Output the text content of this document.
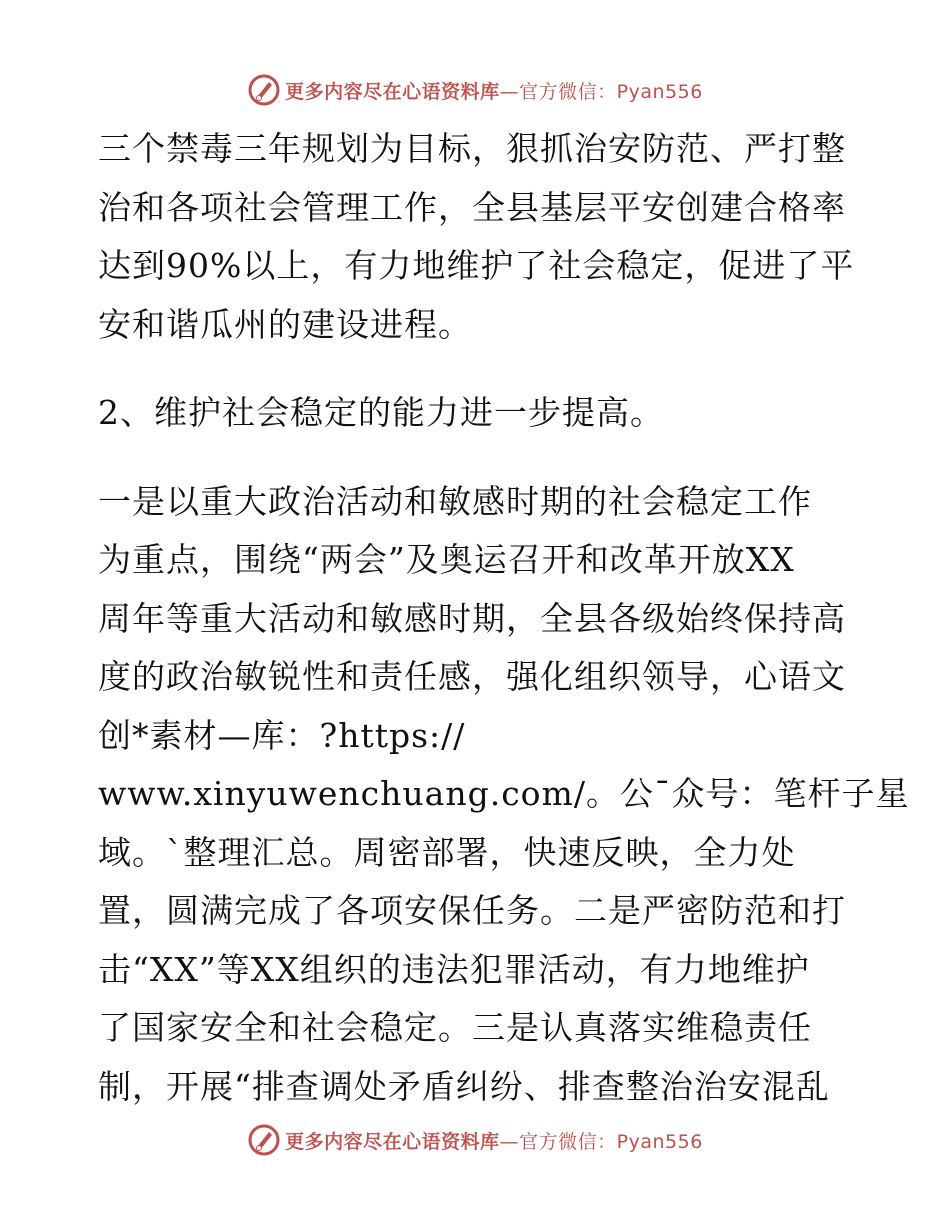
更多内容尽在心语资料库—官方微信：Pyan556

三个禁毒三年规划为目标，狠抓治安防范、严打整

治和各项社会管理工作，全县基层平安创建合格率

达到90%以上，有力地维护了社会稳定，促进了平

安和谐瓜州的建设进程。

2、维护社会稳定的能力进一步提高。

一是以重大政治活动和敏感时期的社会稳定工作

为重点，围绕“两会”及奥运召开和改革开放XX

周年等重大活动和敏感时期，全县各级始终保持高

度的政治敏锐性和责任感，强化组织领导，心语文

创*素材—库：?https://

www.xinyuwenchuang.com/。公¯众号：笔杆子星

域。`整理汇总。周密部署，快速反映，全力处

置，圆满完成了各项安保任务。二是严密防范和打

击“XX”等XX组织的违法犯罪活动，有力地维护

了国家安全和社会稳定。三是认真落实维稳责任

制，开展“排查调处矛盾纠纷、排查整治治安混乱

更多内容尽在心语资料库—官方微信：Pyan556
